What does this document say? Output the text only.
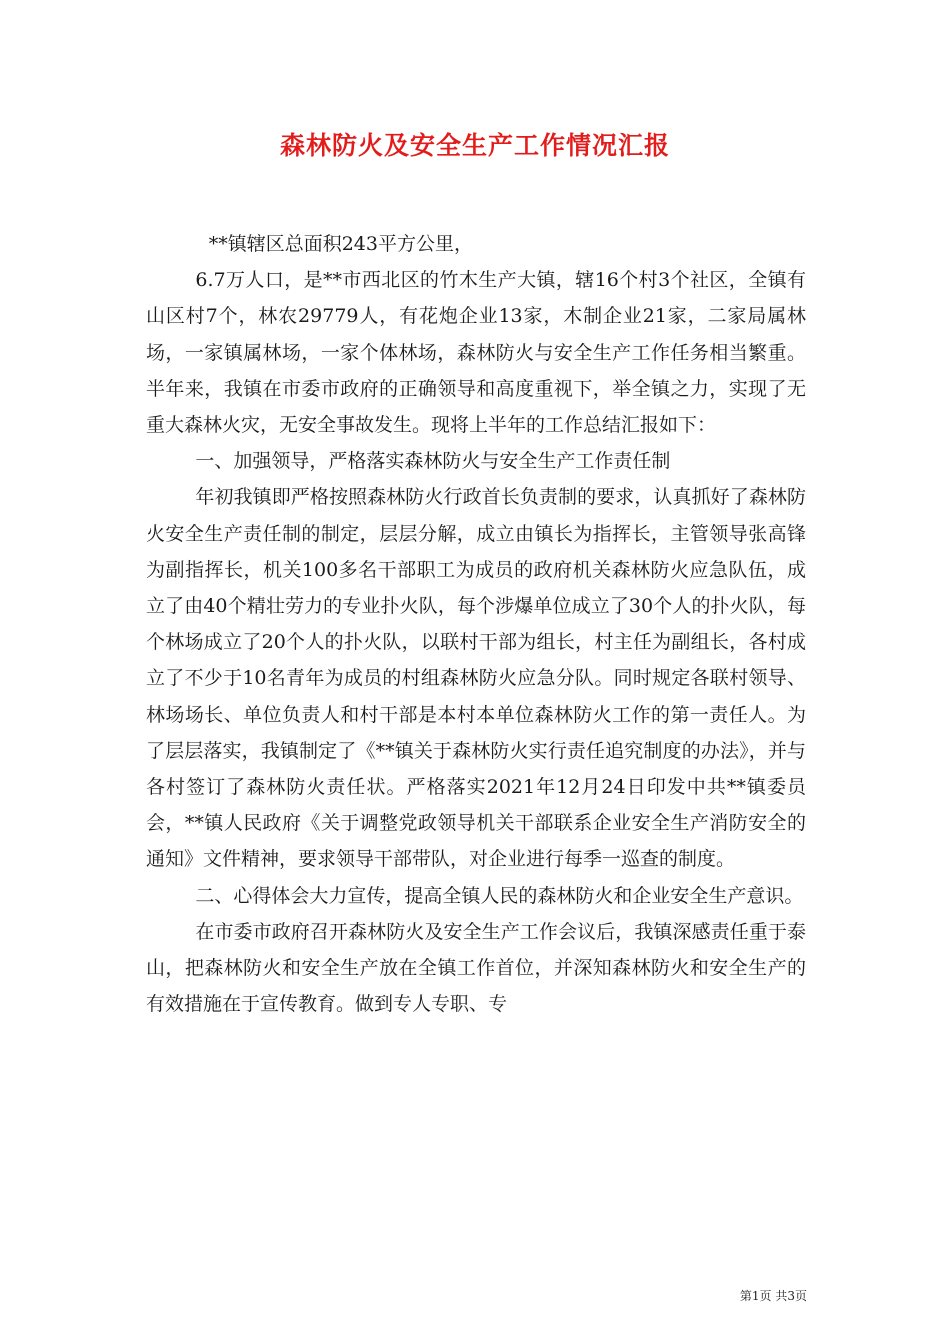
森林防火及安全生产工作情况汇报

**镇辖区总面积243平方公里，

6.7万人口，是**市西北区的竹木生产大镇，辖16个村3个社区，全镇有山区村7个，林农29779人，有花炮企业13家，木制企业21家，二家局属林场，一家镇属林场，一家个体林场，森林防火与安全生产工作任务相当繁重。半年来，我镇在市委市政府的正确领导和高度重视下，举全镇之力，实现了无重大森林火灾，无安全事故发生。现将上半年的工作总结汇报如下：

一、加强领导，严格落实森林防火与安全生产工作责任制

年初我镇即严格按照森林防火行政首长负责制的要求，认真抓好了森林防火安全生产责任制的制定，层层分解，成立由镇长为指挥长，主管领导张高锋为副指挥长，机关100多名干部职工为成员的政府机关森林防火应急队伍，成立了由40个精壮劳力的专业扑火队，每个涉爆单位成立了30个人的扑火队，每个林场成立了20个人的扑火队，以联村干部为组长，村主任为副组长，各村成立了不少于10名青年为成员的村组森林防火应急分队。同时规定各联村领导、林场场长、单位负责人和村干部是本村本单位森林防火工作的第一责任人。为了层层落实，我镇制定了《**镇关于森林防火实行责任追究制度的办法》，并与各村签订了森林防火责任状。严格落实2021年12月24日印发中共**镇委员会，**镇人民政府《关于调整党政领导机关干部联系企业安全生产消防安全的通知》文件精神，要求领导干部带队，对企业进行每季一巡查的制度。

二、心得体会大力宣传，提高全镇人民的森林防火和企业安全生产意识。

在市委市政府召开森林防火及安全生产工作会议后，我镇深感责任重于泰山，把森林防火和安全生产放在全镇工作首位，并深知森林防火和安全生产的有效措施在于宣传教育。做到专人专职、专

第1页 共3页
